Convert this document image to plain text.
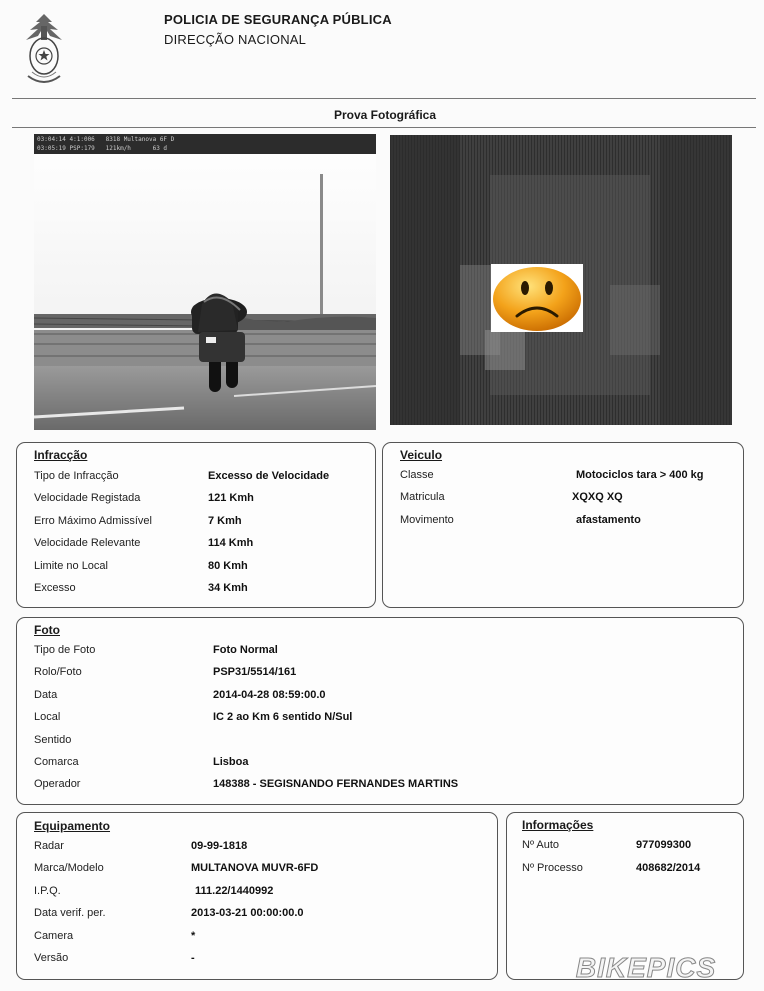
POLICIA DE SEGURANÇA PÚBLICA
DIRECÇÃO NACIONAL
Prova Fotográfica
03:04:14 4:1:006   8318 Multanova 6F D
03:05:19 PSP:179   121km/h      63 d
Infracção	Veiculo
Foto
Equipamento	Informações
Tipo de Infracção	Excesso de Velocidade
Velocidade Registada	121 Kmh
Erro Máximo Admissível	7 Kmh
Velocidade Relevante	114 Kmh
Limite no Local	80 Kmh
Excesso	34 Kmh
Classe	Motociclos tara > 400 kg
Matricula	XQXQ XQ
Movimento	afastamento
Tipo de Foto	Foto Normal
Rolo/Foto	PSP31/5514/161
Data	2014-04-28 08:59:00.0
Local	IC 2 ao Km 6 sentido N/Sul
Sentido
Comarca	Lisboa
Operador	148388 - SEGISNANDO FERNANDES MARTINS
Radar	09-99-1818
Marca/Modelo	MULTANOVA MUVR-6FD
I.P.Q.	111.22/1440992
Data verif. per.	2013-03-21 00:00:00.0
Camera	*
Versão	-
Nº Auto	977099300
Nº Processo	408682/2014
BIKEPICS
